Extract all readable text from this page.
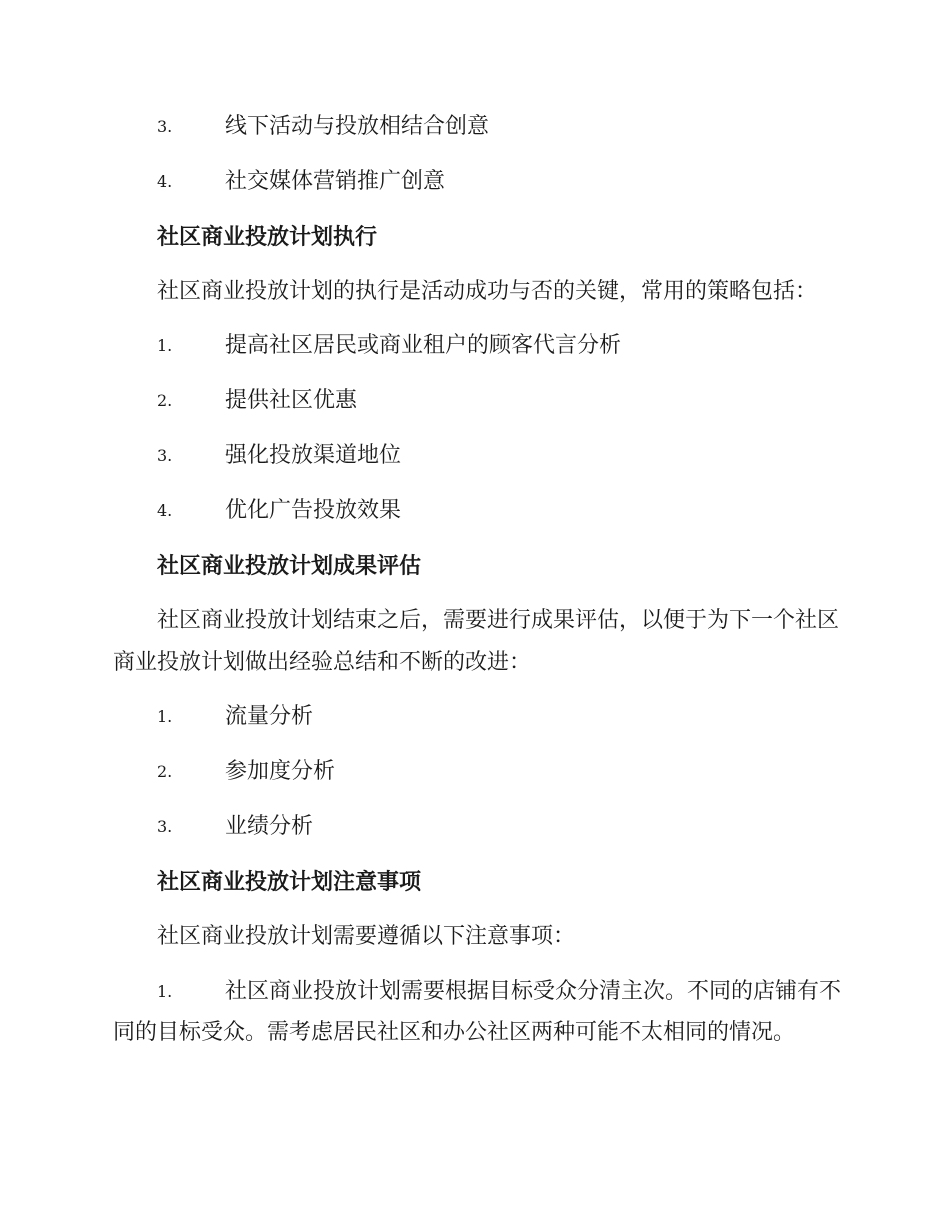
3. 线下活动与投放相结合创意
4. 社交媒体营销推广创意
社区商业投放计划执行
社区商业投放计划的执行是活动成功与否的关键，常用的策略包括：
1. 提高社区居民或商业租户的顾客代言分析
2. 提供社区优惠
3. 强化投放渠道地位
4. 优化广告投放效果
社区商业投放计划成果评估
社区商业投放计划结束之后，需要进行成果评估，以便于为下一个社区
商业投放计划做出经验总结和不断的改进：
1. 流量分析
2. 参加度分析
3. 业绩分析
社区商业投放计划注意事项
社区商业投放计划需要遵循以下注意事项：
1. 社区商业投放计划需要根据目标受众分清主次。不同的店铺有不
同的目标受众。需考虑居民社区和办公社区两种可能不太相同的情况。
